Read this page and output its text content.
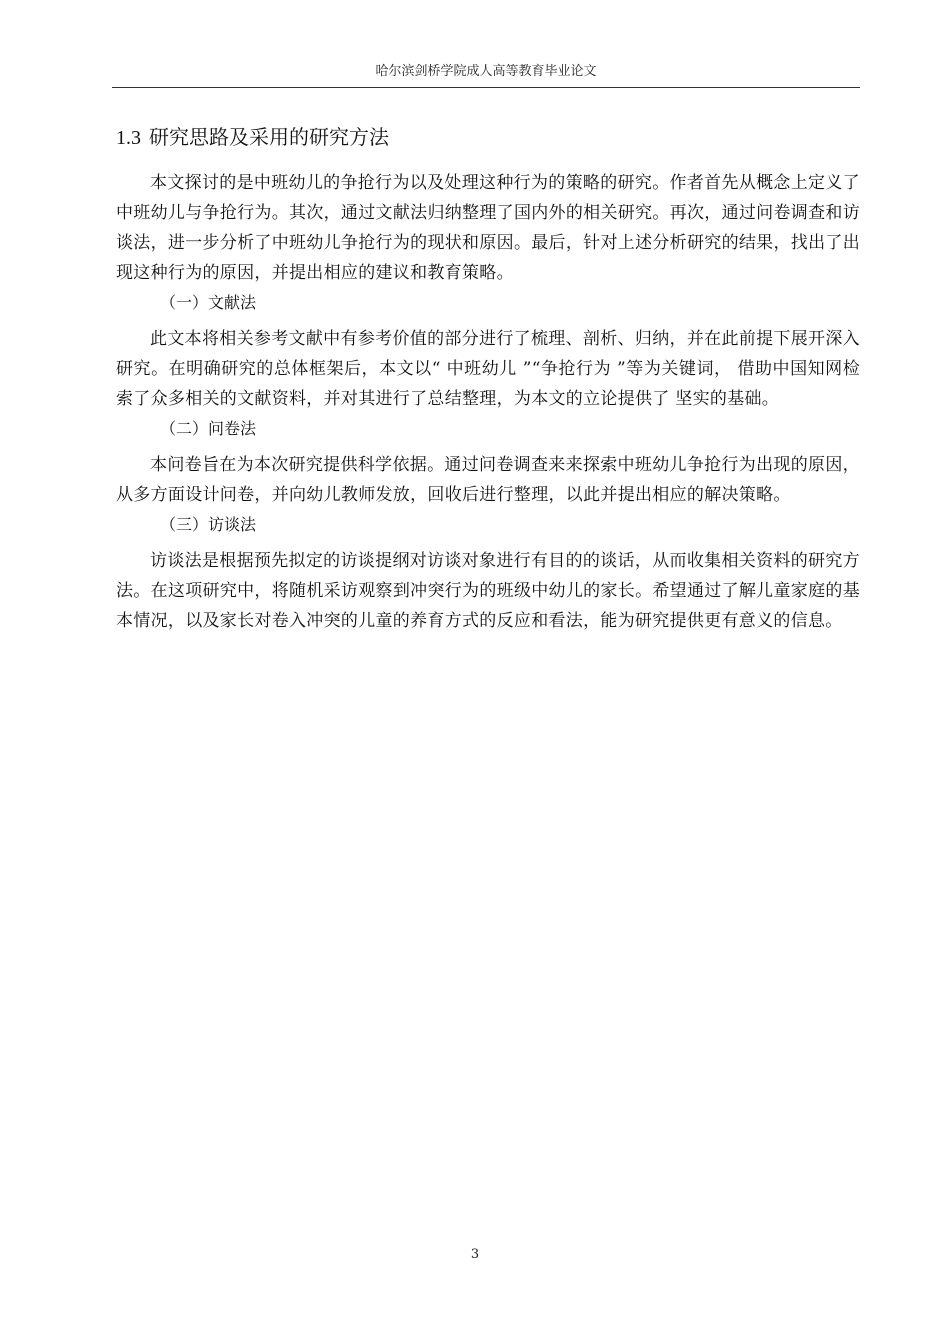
哈尔滨剑桥学院成人高等教育毕业论文
1.3 研究思路及采用的研究方法

本文探讨的是中班幼儿的争抢行为以及处理这种行为的策略的研究。作者首先从概念上定义了中班幼儿与争抢行为。其次，通过文献法归纳整理了国内外的相关研究。再次，通过问卷调查和访谈法，进一步分析了中班幼儿争抢行为的现状和原因。最后，针对上述分析研究的结果，找出了出现这种行为的原因，并提出相应的建议和教育策略。

（一）文献法

此文本将相关参考文献中有参考价值的部分进行了梳理、剖析、归纳，并在此前提下展开深入研究。在明确研究的总体框架后，本文以“ 中班幼儿 ”“争抢行为 ”等为关键词， 借助中国知网检索了众多相关的文献资料，并对其进行了总结整理，为本文的立论提供了 坚实的基础。

（二）问卷法

本问卷旨在为本次研究提供科学依据。通过问卷调查来来探索中班幼儿争抢行为出现的原因，从多方面设计问卷，并向幼儿教师发放，回收后进行整理，以此并提出相应的解决策略。

（三）访谈法

访谈法是根据预先拟定的访谈提纲对访谈对象进行有目的的谈话，从而收集相关资料的研究方法。在这项研究中，将随机采访观察到冲突行为的班级中幼儿的家长。希望通过了解儿童家庭的基本情况，以及家长对卷入冲突的儿童的养育方式的反应和看法，能为研究提供更有意义的信息。

3
